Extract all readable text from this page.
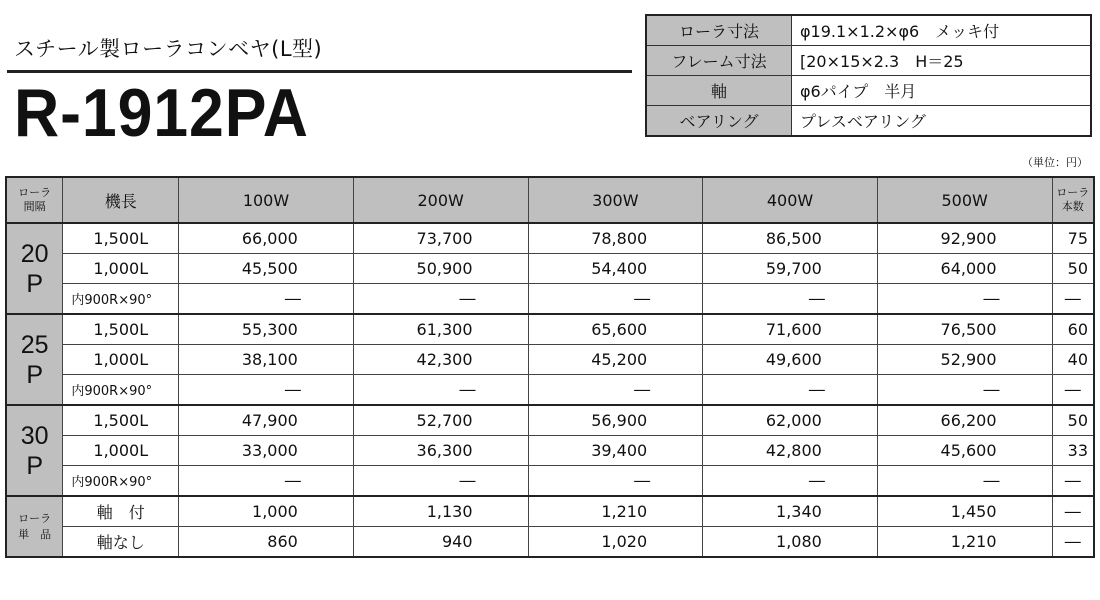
スチール製ローラコンベヤ(L型)
R-1912PA
ローラ寸法	φ19.1×1.2×φ6　メッキ付
フレーム寸法	[20×15×2.3　H＝25
軸	φ6パイプ　半月
ベアリング	プレスベアリング
（単位：円）
ローラ
間隔	機長	100W	200W	300W	400W	500W	ローラ
本数
20
P	1,500L	66,000	73,700	78,800	86,500	92,900	75
	1,000L	45,500	50,900	54,400	59,700	64,000	50
	内900R×90°	―	―	―	―	―	―
25
P	1,500L	55,300	61,300	65,600	71,600	76,500	60
	1,000L	38,100	42,300	45,200	49,600	52,900	40
	内900R×90°	―	―	―	―	―	―
30
P	1,500L	47,900	52,700	56,900	62,000	66,200	50
	1,000L	33,000	36,300	39,400	42,800	45,600	33
	内900R×90°	―	―	―	―	―	―
ローラ
単　品	軸　付	1,000	1,130	1,210	1,340	1,450	―
	軸なし	860	940	1,020	1,080	1,210	―
